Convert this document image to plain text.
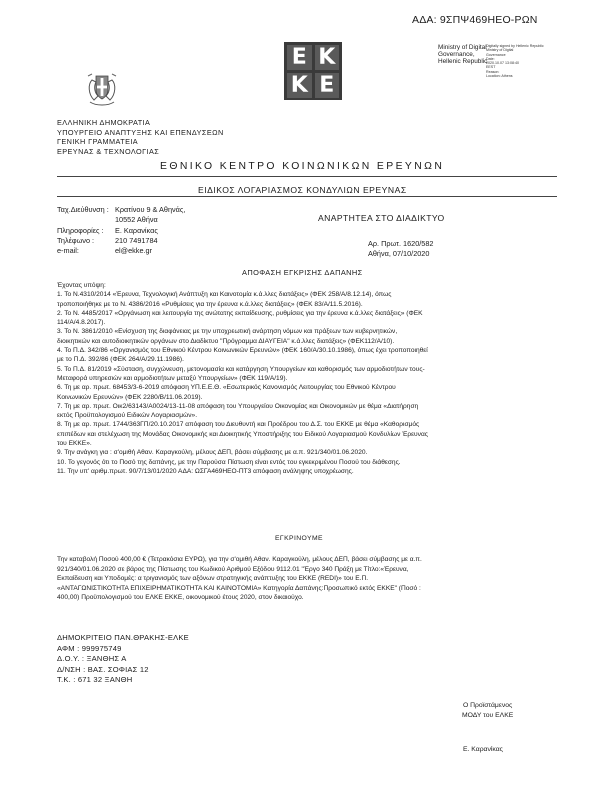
ΑΔΑ: 9ΣΠΨ469ΗΕΟ-ΡΩΝ
Ε Κ
Κ Ε
Ministry of Digital
Governance,
Hellenic Republic
Digitally signed by Hellenic Republic
Ministry of Digital
Governance
Date:
2020.10.07 13:08:40
EEST
Reason:
Location: Athens
ΕΛΛΗΝΙΚΗ ΔΗΜΟΚΡΑΤΙΑ
ΥΠΟΥΡΓΕΙΟ ΑΝΑΠΤΥΞΗΣ ΚΑΙ ΕΠΕΝΔΥΣΕΩΝ
ΓΕΝΙΚΗ ΓΡΑΜΜΑΤΕΙΑ
ΕΡΕΥΝΑΣ & ΤΕΧΝΟΛΟΓΙΑΣ
ΕΘΝΙΚΟ ΚΕΝΤΡΟ ΚΟΙΝΩΝΙΚΩΝ ΕΡΕΥΝΩΝ
ΕΙΔΙΚΟΣ ΛΟΓΑΡΙΑΣΜΟΣ ΚΟΝΔΥΛΙΩΝ ΕΡΕΥΝΑΣ
Ταχ.Διεύθυνση : Κρατίνου 9 & Αθηνάς,
10552 Αθήνα
Πληροφορίες :	Ε. Καρανίκας
Τηλέφωνο :	210 7491784
e-mail:	el@ekke.gr
ΑΝΑΡΤΗΤΕΑ ΣΤΟ ΔΙΑΔΙΚΤΥΟ
Αρ. Πρωτ. 1620/582
Αθήνα, 07/10/2020
ΑΠΟΦΑΣΗ ΕΓΚΡΙΣΗΣ ΔΑΠΑΝΗΣ

Έχοντας υπόψη:

1. Το Ν.4310/2014 «Έρευνα, Τεχνολογική Ανάπτυξη και Καινοτομία κ.ά.λλες διατάξεις» (ΦΕΚ 258/Α/8.12.14), όπως

τροποποιήθηκε με το Ν. 4386/2016 «Ρυθμίσεις για την έρευνα κ.ά.λλες διατάξεις» (ΦΕΚ 83/Α/11.5.2016).

2. Το Ν. 4485/2017 «Οργάνωση και λειτουργία της ανώτατης εκπαίδευσης, ρυθμίσεις για την έρευνα κ.ά.λλες διατάξεις» (ΦΕΚ

114/Α/4.8.2017).

3. Το Ν. 3861/2010 «Ενίσχυση της διαφάνειας με την υποχρεωτική ανάρτηση νόμων και πράξεων των κυβερνητικών,

διοικητικών και αυτοδιοικητικών οργάνων στο Διαδίκτυο "Πρόγραμμα ΔΙΑΥΓΕΙΑ" κ.ά.λλες διατάξεις» (ΦΕΚ112/Α/10).

4. Το Π.Δ. 342/86 «Οργανισμός του Εθνικού Κέντρου Κοινωνικών Ερευνών» (ΦΕΚ 160/Α/30.10.1986), όπως έχει τροποποιηθεί

με το Π.Δ. 392/86 (ΦΕΚ 264/Α/29.11.1986).

5. Το Π.Δ. 81/2019 «Σύσταση, συγχώνευση, μετονομασία και κατάργηση Υπουργείων και καθορισμός των αρμοδιοτήτων τους-

Μεταφορά υπηρεσιών και αρμοδιοτήτων μεταξύ Υπουργείων» (ΦΕΚ 119/Α/19).

6. Τη με αρ. πρωτ. 68453/3-6-2019 απόφαση ΥΠ.Ε.Ε.Θ. «Εσωτερικός Κανονισμός Λειτουργίας του Εθνικού Κέντρου

Κοινωνικών Ερευνών» (ΦΕΚ 2280/Β/11.06.2019).

7. Τη με αρ. πρωτ. Οικ2/63143/Α0024/13-11-08 απόφαση του Υπουργείου Οικονομίας και Οικονομικών με θέμα «Διατήρηση

εκτός Προϋπολογισμού Ειδικών Λογαριασμών».

8. Τη με αρ. πρωτ. 1744/363ΓΠ/20.10.2017 απόφαση του Διευθυντή και Προέδρου του Δ.Σ. του ΕΚΚΕ με θέμα «Καθορισμός

επιπέδων και στελέχωση της Μονάδας Οικονομικής και Διοικητικής Υποστήριξης του Ειδικού Λογαριασμού Κονδυλίων Έρευνας

του ΕΚΚΕ».

9. Την ανάγκη για : σ'ομιθή Αθαν. Καραγκούλη, μέλους ΔΕΠ, βάσει σύμβασης με α.π. 921/340/01.06.2020.

10. Το γεγονός ότι το Ποσό της δαπάνης, με την Παρούσα Πίστωση είναι εντός του εγκεκριμένου Ποσού του διάθεσης.

11. Την υπ' αριθμ.πρωτ. 90/7/13/01/2020 ΑΔΑ: ΩΣΓΑ469ΗΕΟ-ΠΤ3 απόφαση ανάληψης υποχρέωσης.

ΕΓΚΡΙΝΟΥΜΕ
Την καταβολή Ποσού 400,00 € (Τετρακόσια ΕΥΡΩ), για την σ'ομιθή Αθαν. Καραγκούλη, μέλους ΔΕΠ, βάσει σύμβασης με α.π.
921/340/01.06.2020 σε βάρος της Πίστωσης του Κωδικού Αριθμού Εξόδου 9112.01 "Έργο 340 Πράξη με Τίτλο:«Έρευνα,
Εκπαίδευση και Υποδομές: α τριγανισμός των αξόνων στρατηγικής ανάπτυξης του ΕΚΚΕ (REDI)» του Ε.Π.
«ΑΝΤΑΓΩΝΙΣΤΙΚΟΤΗΤΑ ΕΠΙΧΕΙΡΗΜΑΤΙΚΟΤΗΤΑ ΚΑΙ ΚΑΙΝΟΤΟΜΙΑ» Κατηγορία Δαπάνης:Προσωπικό εκτός ΕΚΚΕ" (Ποσό :
400,00) Προϋπολογισμού του ΕΛΚΕ ΕΚΚΕ, οικονομικού έτους 2020, στον δικαιούχο.
ΔΗΜΟΚΡΙΤΕΙΟ ΠΑΝ.ΘΡΑΚΗΣ-ΕΛΚΕ
ΑΦΜ : 999975749
Δ.Ο.Υ. : ΞΑΝΘΗΣ Α
Δ/ΝΣΗ : ΒΑΣ. ΣΟΦΙΑΣ 12
Τ.Κ. : 671 32 ΞΑΝΘΗ
Ο Προϊστάμενος
ΜΟΔΥ του ΕΛΚΕ
Ε. Καρανίκας
